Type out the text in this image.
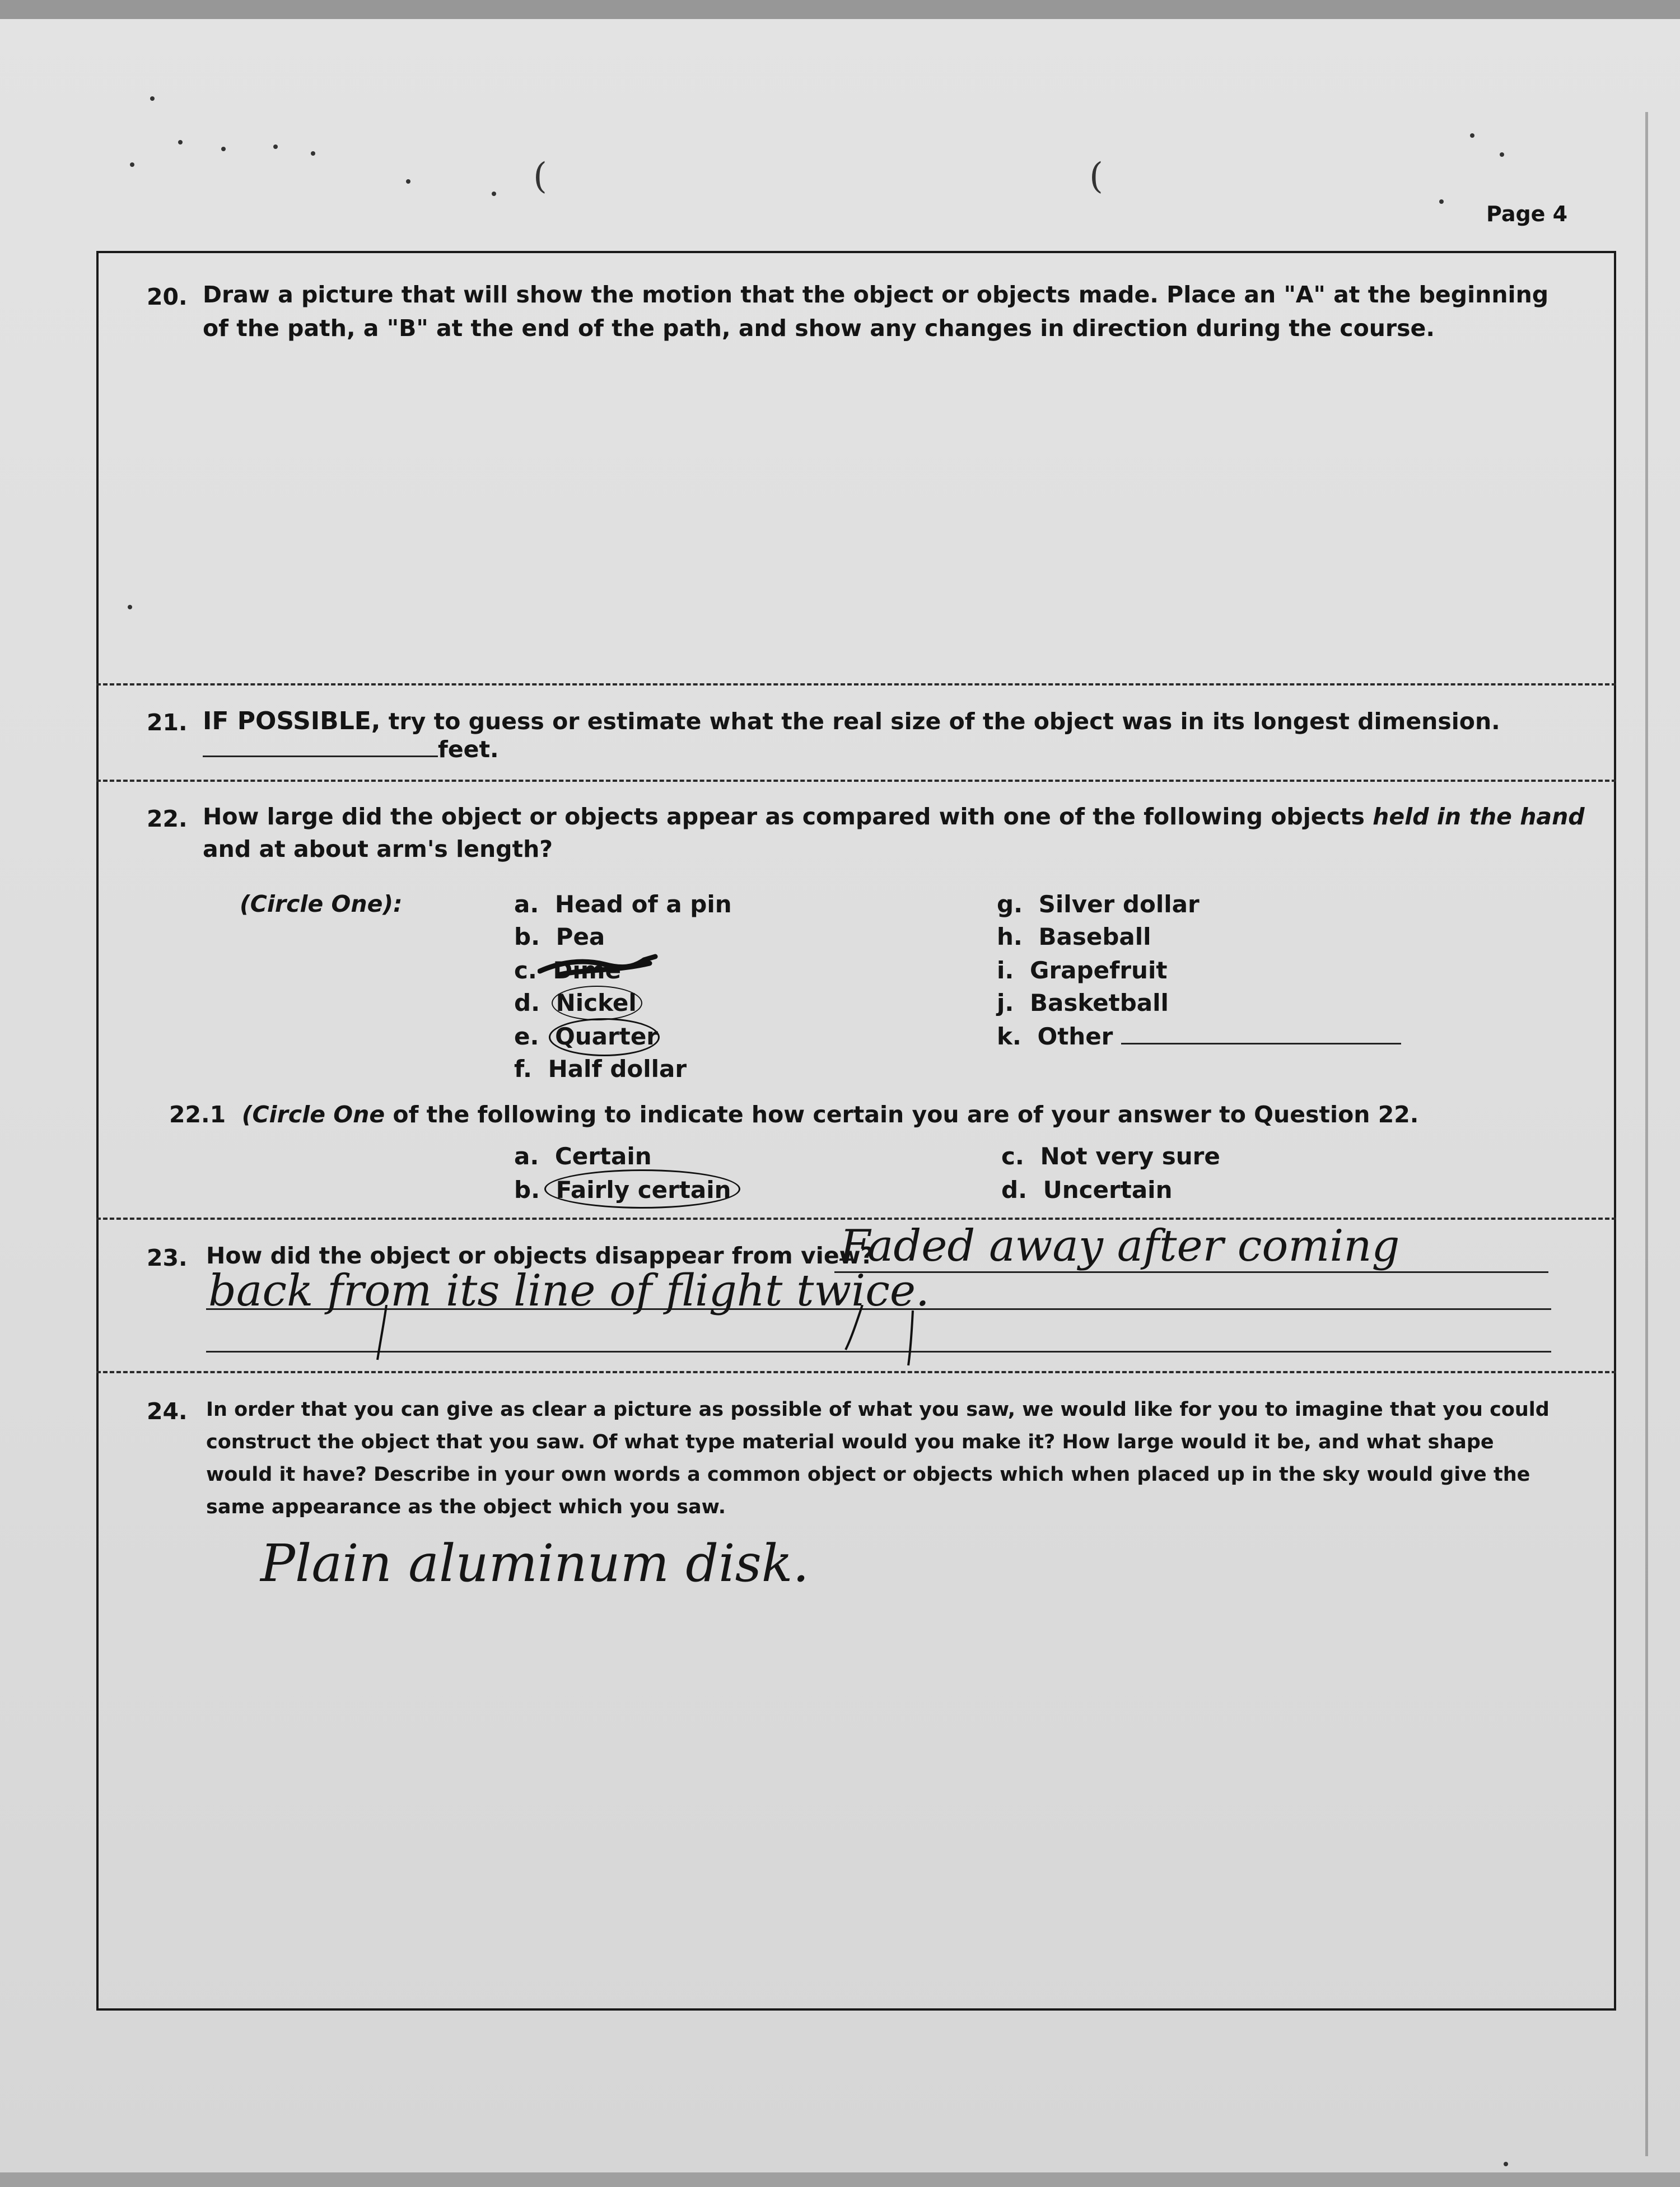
(	(
Page 4
20. Draw a picture that will show the motion that the object or objects made. Place an "A" at the beginning
of the path, a "B" at the end of the path, and show any changes in direction during the course.
21. IF POSSIBLE, try to guess or estimate what the real size of the object was in its longest dimension.
feet.
22. How large did the object or objects appear as compared with one of the following objects held in the hand
and at about arm's length?
(Circle One):	a. Head of a pin
b. Pea
c. Dime
d. Nickel
e. Quarter
f. Half dollar
g. Silver dollar
h. Baseball
i. Grapefruit
j. Basketball
k. Other
22.1 (Circle One of the following to indicate how certain you are of your answer to Question 22.
a. Certain
b. Fairly certain
c. Not very sure
d. Uncertain
23. How did the object or objects disappear from view?
Faded away after coming
back from its line of flight twice.
24. In order that you can give as clear a picture as possible of what you saw, we would like for you to imagine that you could
construct the object that you saw. Of what type material would you make it? How large would it be, and what shape
would it have? Describe in your own words a common object or objects which when placed up in the sky would give the
same appearance as the object which you saw.
Plain aluminum disk.
